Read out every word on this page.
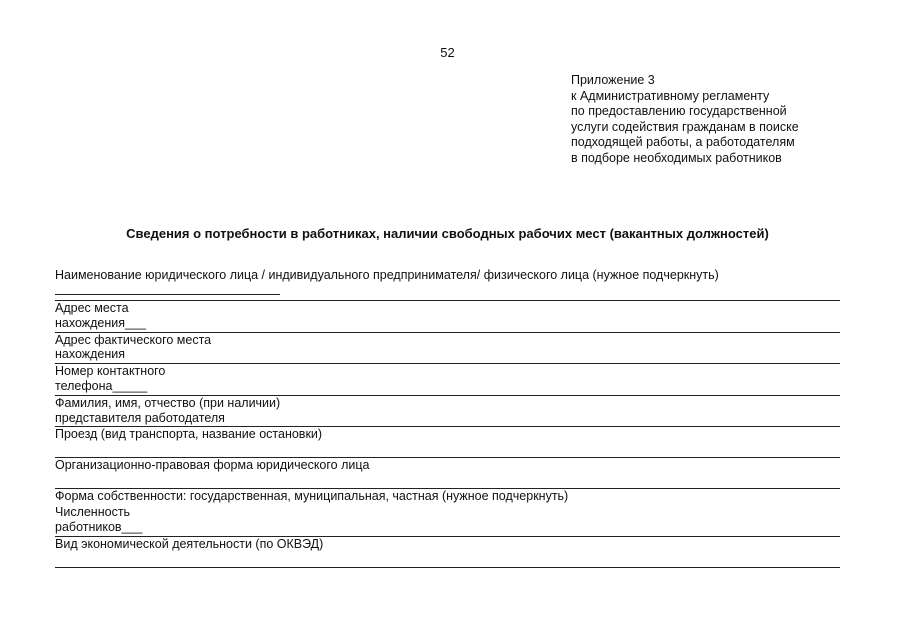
52
Приложение 3
к Административному регламенту
по предоставлению государственной
услуги содействия гражданам в поиске
подходящей работы, а работодателям
в подборе необходимых работников
Сведения о потребности в работниках, наличии свободных рабочих мест (вакантных должностей)
Наименование юридического лица / индивидуального предпринимателя/ физического лица (нужное подчеркнуть)
Адрес места
нахождения___
Адрес фактического места
нахождения
Номер контактного
телефона_____
Фамилия, имя, отчество (при наличии)
представителя работодателя
Проезд (вид транспорта, название остановки)
Организационно-правовая форма юридического лица
Форма собственности: государственная, муниципальная, частная (нужное подчеркнуть)
Численность
работников___
Вид экономической деятельности (по ОКВЭД)
